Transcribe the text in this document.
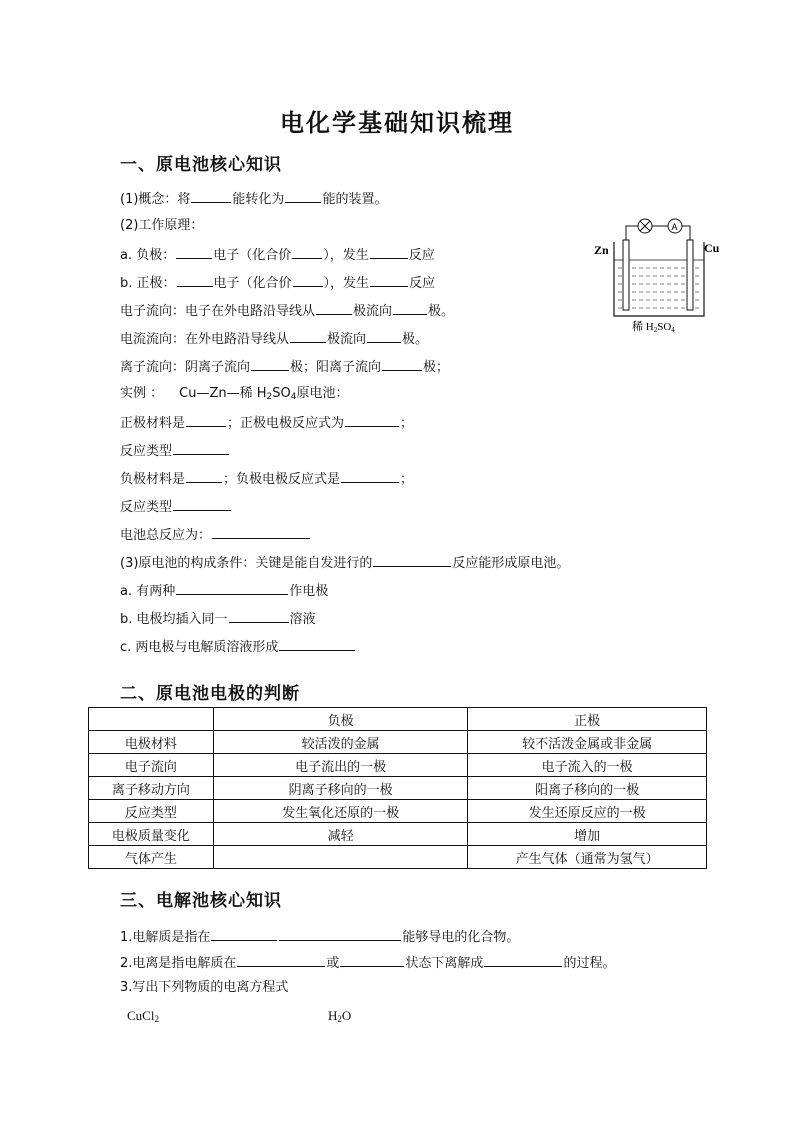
电化学基础知识梳理
一、原电池核心知识
(1)概念：将	能转化为	能的装置。
(2)工作原理：
a. 负极：	电子（化合价 ），发生	反应
b. 正极：	电子（化合价 ），发生	反应
电子流向：电子在外电路沿导线从	极流向	极。
电流流向：在外电路沿导线从	极流向	极。
离子流向：阴离子流向	极；阳离子流向	极；
实例 ： Cu—Zn—稀 $H_2SO_4$原电池：
正极材料是	；正极电极反应式为	；
反应类型
负极材料是	；负极电极反应式是	；
反应类型
电池总反应为：
(3)原电池的构成条件：关键是能自发进行的	反应能形成原电池。
a. 有两种	作电极
b. 电极均插入同一	溶液
c. 两电极与电解质溶液形成
Zn	Cu
A
稀 H2SO4
二、原电池电极的判断
	负极	正极
电极材料	较活泼的金属	较不活泼金属或非金属
电子流向	电子流出的一极	电子流入的一极
离子移动方向	阴离子移向的一极	阳离子移向的一极
反应类型	发生氧化还原的一极	发生还原反应的一极
电极质量变化	减轻	增加
气体产生		产生气体（通常为氢气）
三、电解池核心知识
1.电解质是指在	能够导电的化合物。
2.电离是指电解质在	或	状态下离解成	的过程。
3.写出下列物质的电离方程式
CuCl$_2$	$H_2O$
